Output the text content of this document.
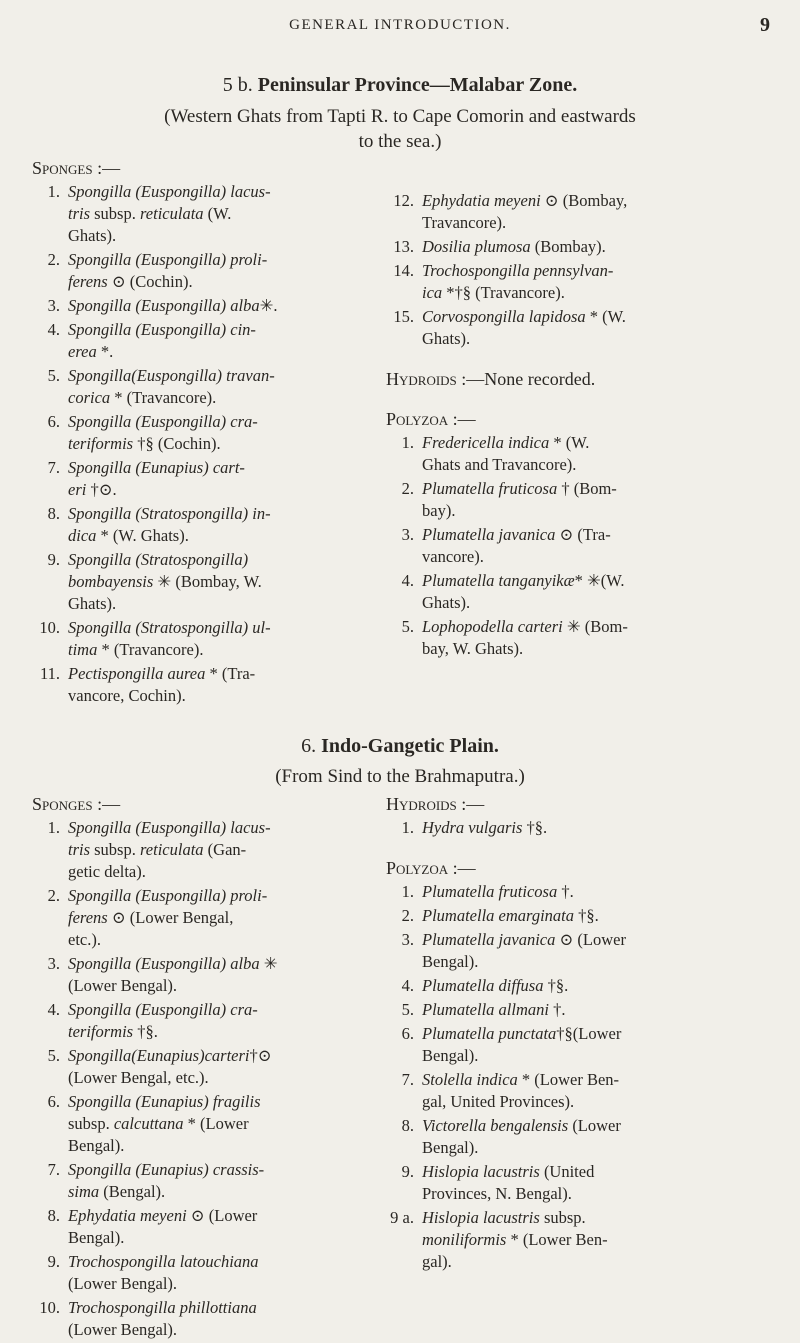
GENERAL INTRODUCTION.	9
5 b. Peninsular Province—Malabar Zone.
(Western Ghats from Tapti R. to Cape Comorin and eastwards
to the sea.)
Sponges :—
1. Spongilla (Euspongilla) lacus-
tris subsp. reticulata (W.
Ghats).
2. Spongilla (Euspongilla) proli-
ferens ⊙ (Cochin).
3. Spongilla (Euspongilla) alba✳.
4. Spongilla (Euspongilla) cin-
erea *.
5. Spongilla(Euspongilla) travan-
corica * (Travancore).
6. Spongilla (Euspongilla) cra-
teriformis †§ (Cochin).
7. Spongilla (Eunapius) cart-
eri †⊙.
8. Spongilla (Stratospongilla) in-
dica * (W. Ghats).
9. Spongilla (Stratospongilla)
bombayensis ✳ (Bombay, W.
Ghats).
10. Spongilla (Stratospongilla) ul-
tima * (Travancore).
11. Pectispongilla aurea * (Tra-
vancore, Cochin).
12. Ephydatia meyeni ⊙ (Bombay,
Travancore).
13. Dosilia plumosa (Bombay).
14. Trochospongilla pennsylvan-
ica *†§ (Travancore).
15. Corvospongilla lapidosa * (W.
Ghats).
Hydroids :—None recorded.
Polyzoa :—
1. Fredericella indica * (W.
Ghats and Travancore).
2. Plumatella fruticosa † (Bom-
bay).
3. Plumatella javanica ⊙ (Tra-
vancore).
4. Plumatella tanganyikæ* ✳(W.
Ghats).
5. Lophopodella carteri ✳ (Bom-
bay, W. Ghats).
6. Indo-Gangetic Plain.
(From Sind to the Brahmaputra.)
Sponges :—
1. Spongilla (Euspongilla) lacus-
tris subsp. reticulata (Gan-
getic delta).
2. Spongilla (Euspongilla) proli-
ferens ⊙ (Lower Bengal,
etc.).
3. Spongilla (Euspongilla) alba ✳
(Lower Bengal).
4. Spongilla (Euspongilla) cra-
teriformis †§.
5. Spongilla(Eunapius)carteri†⊙
(Lower Bengal, etc.).
6. Spongilla (Eunapius) fragilis
subsp. calcuttana * (Lower
Bengal).
7. Spongilla (Eunapius) crassis-
sima (Bengal).
8. Ephydatia meyeni ⊙ (Lower
Bengal).
9. Trochospongilla latouchiana
(Lower Bengal).
10. Trochospongilla phillottiana
(Lower Bengal).
Hydroids :—
1. Hydra vulgaris †§.
Polyzoa :—
1. Plumatella fruticosa †.
2. Plumatella emarginata †§.
3. Plumatella javanica ⊙ (Lower
Bengal).
4. Plumatella diffusa †§.
5. Plumatella allmani †.
6. Plumatella punctata†§(Lower
Bengal).
7. Stolella indica * (Lower Ben-
gal, United Provinces).
8. Victorella bengalensis (Lower
Bengal).
9. Hislopia lacustris (United
Provinces, N. Bengal).
9 a. Hislopia lacustris subsp.
moniliformis * (Lower Ben-
gal).
